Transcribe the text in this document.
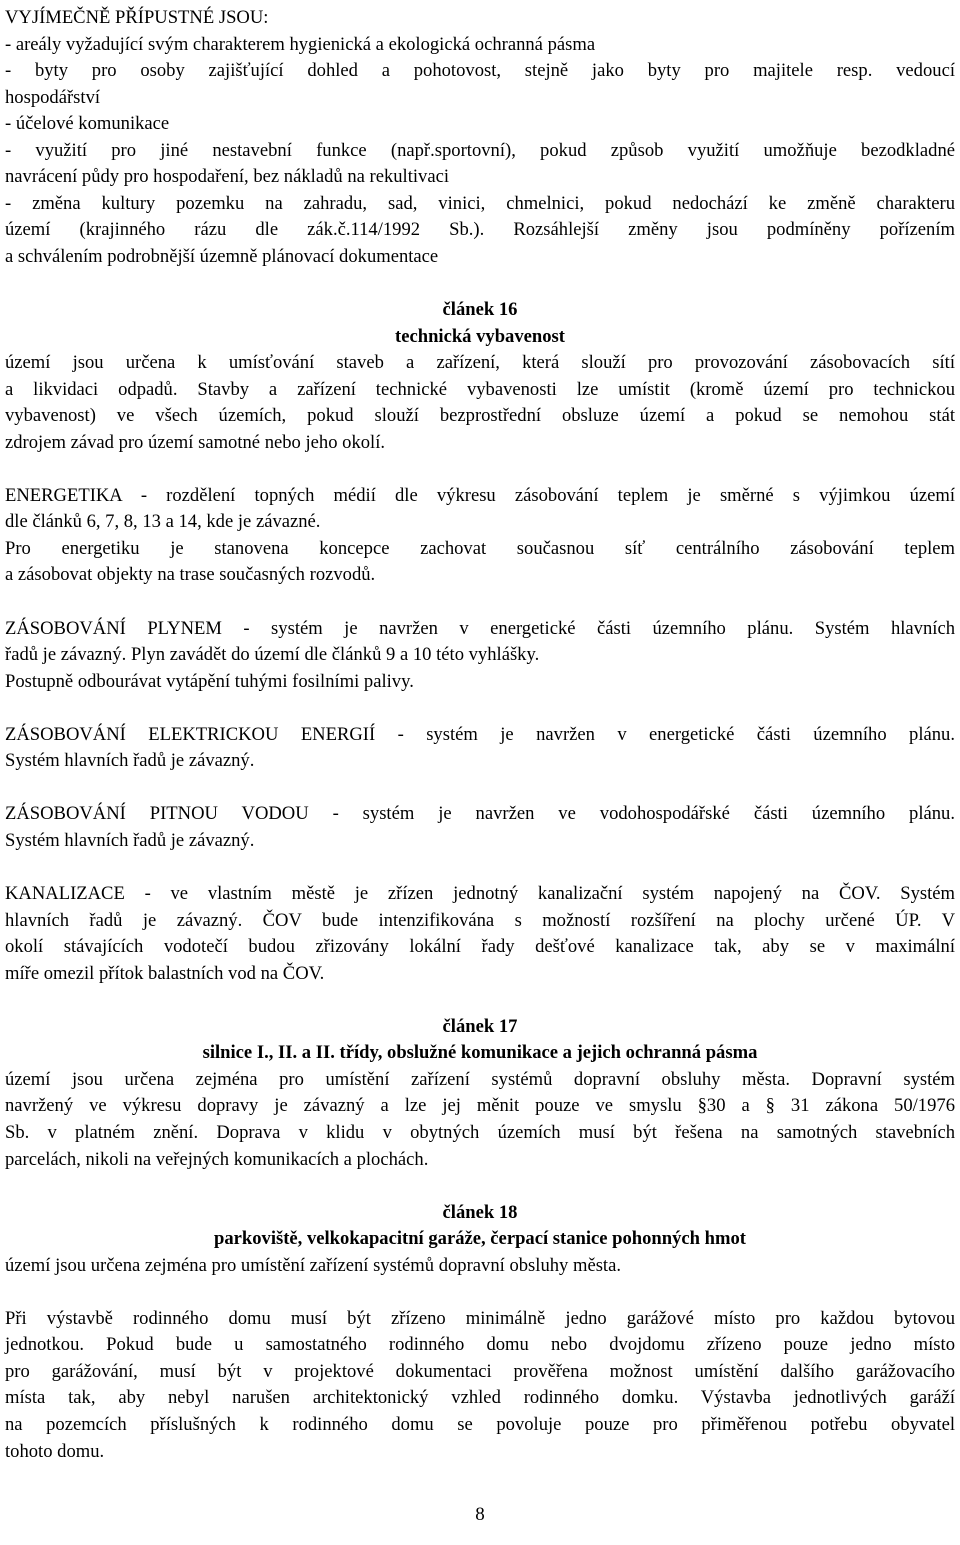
VYJÍMEČNĚ PŘÍPUSTNÉ JSOU:
- areály vyžadující svým charakterem hygienická a ekologická ochranná pásma
- byty pro osoby zajišťující dohled a pohotovost, stejně jako byty pro majitele resp. vedoucí
hospodářství
- účelové komunikace
- využití pro jiné nestavební funkce (např.sportovní), pokud způsob využití umožňuje bezodkladné
navrácení půdy pro hospodaření, bez nákladů na rekultivaci
- změna kultury pozemku na zahradu, sad, vinici, chmelnici, pokud nedochází ke změně charakteru
území (krajinného rázu dle zák.č.114/1992 Sb.). Rozsáhlejší změny jsou podmíněny pořízením
a schválením podrobnější územně plánovací dokumentace
článek 16
technická vybavenost
území jsou určena k umísťování staveb a zařízení, která slouží pro provozování zásobovacích sítí
a likvidaci odpadů. Stavby a zařízení technické vybavenosti lze umístit (kromě území pro technickou
vybavenost) ve všech územích, pokud slouží bezprostřední obsluze území a pokud se nemohou stát
zdrojem závad pro území samotné nebo jeho okolí.
ENERGETIKA - rozdělení topných médií dle výkresu zásobování teplem je směrné s výjimkou území
dle článků 6, 7, 8, 13 a 14, kde je závazné.
Pro energetiku je stanovena koncepce zachovat současnou síť centrálního zásobování teplem
a zásobovat objekty na trase současných rozvodů.
ZÁSOBOVÁNÍ PLYNEM - systém je navržen v energetické části územního plánu. Systém hlavních
řadů je závazný. Plyn zavádět do území dle článků 9 a 10 této vyhlášky.
Postupně odbourávat vytápění tuhými fosilními palivy.
ZÁSOBOVÁNÍ ELEKTRICKOU ENERGIÍ - systém je navržen v energetické části územního plánu.
Systém hlavních řadů je závazný.
ZÁSOBOVÁNÍ PITNOU VODOU - systém je navržen ve vodohospodářské části územního plánu.
Systém hlavních řadů je závazný.
KANALIZACE - ve vlastním městě je zřízen jednotný kanalizační systém napojený na ČOV. Systém
hlavních řadů je závazný. ČOV bude intenzifikována s možností rozšíření na plochy určené ÚP. V
okolí stávajících vodotečí budou zřizovány lokální řady dešťové kanalizace tak, aby se v maximální
míře omezil přítok balastních vod na ČOV.
článek 17
silnice I., II. a II. třídy, obslužné komunikace a jejich ochranná pásma
území jsou určena zejména pro umístění zařízení systémů dopravní obsluhy města. Dopravní systém
navržený ve výkresu dopravy je závazný a lze jej měnit pouze ve smyslu §30 a § 31 zákona 50/1976
Sb. v platném znění. Doprava v klidu v obytných územích musí být řešena na samotných stavebních
parcelách, nikoli na veřejných komunikacích a plochách.
článek 18
parkoviště, velkokapacitní garáže, čerpací stanice pohonných hmot
území jsou určena zejména pro umístění zařízení systémů dopravní obsluhy města.
Při výstavbě rodinného domu musí být zřízeno minimálně jedno garážové místo pro každou bytovou
jednotkou. Pokud bude u samostatného rodinného domu nebo dvojdomu zřízeno pouze jedno místo
pro garážování, musí být v projektové dokumentaci prověřena možnost umístění dalšího garážovacího
místa tak, aby nebyl narušen architektonický vzhled rodinného domku. Výstavba jednotlivých garáží
na pozemcích příslušných k rodinného domu se povoluje pouze pro přiměřenou potřebu obyvatel
tohoto domu.
8
